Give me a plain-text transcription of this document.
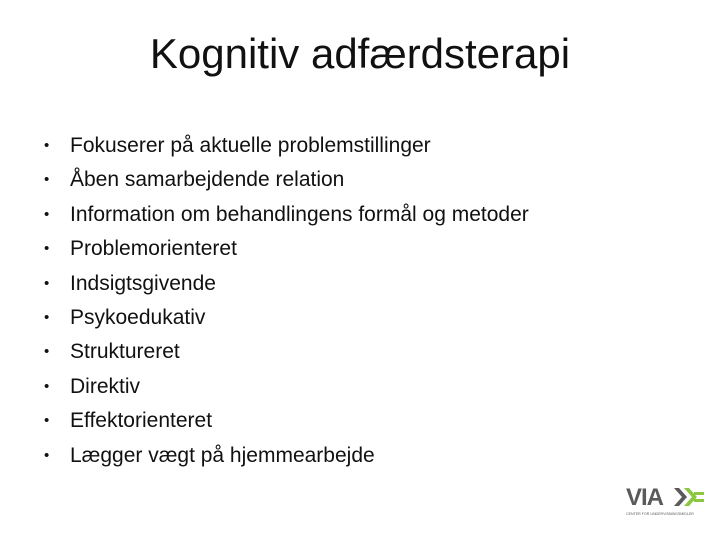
Kognitiv adfærdsterapi
• Fokuserer på aktuelle problemstillinger
• Åben samarbejdende relation
• Information om behandlingens formål og metoder
• Problemorienteret
• Indsigtsgivende
• Psykoedukativ
• Struktureret
• Direktiv
• Effektorienteret
• Lægger vægt på hjemmearbejde
VIA
CENTER FOR UNDERVISNINGSMIDLER
